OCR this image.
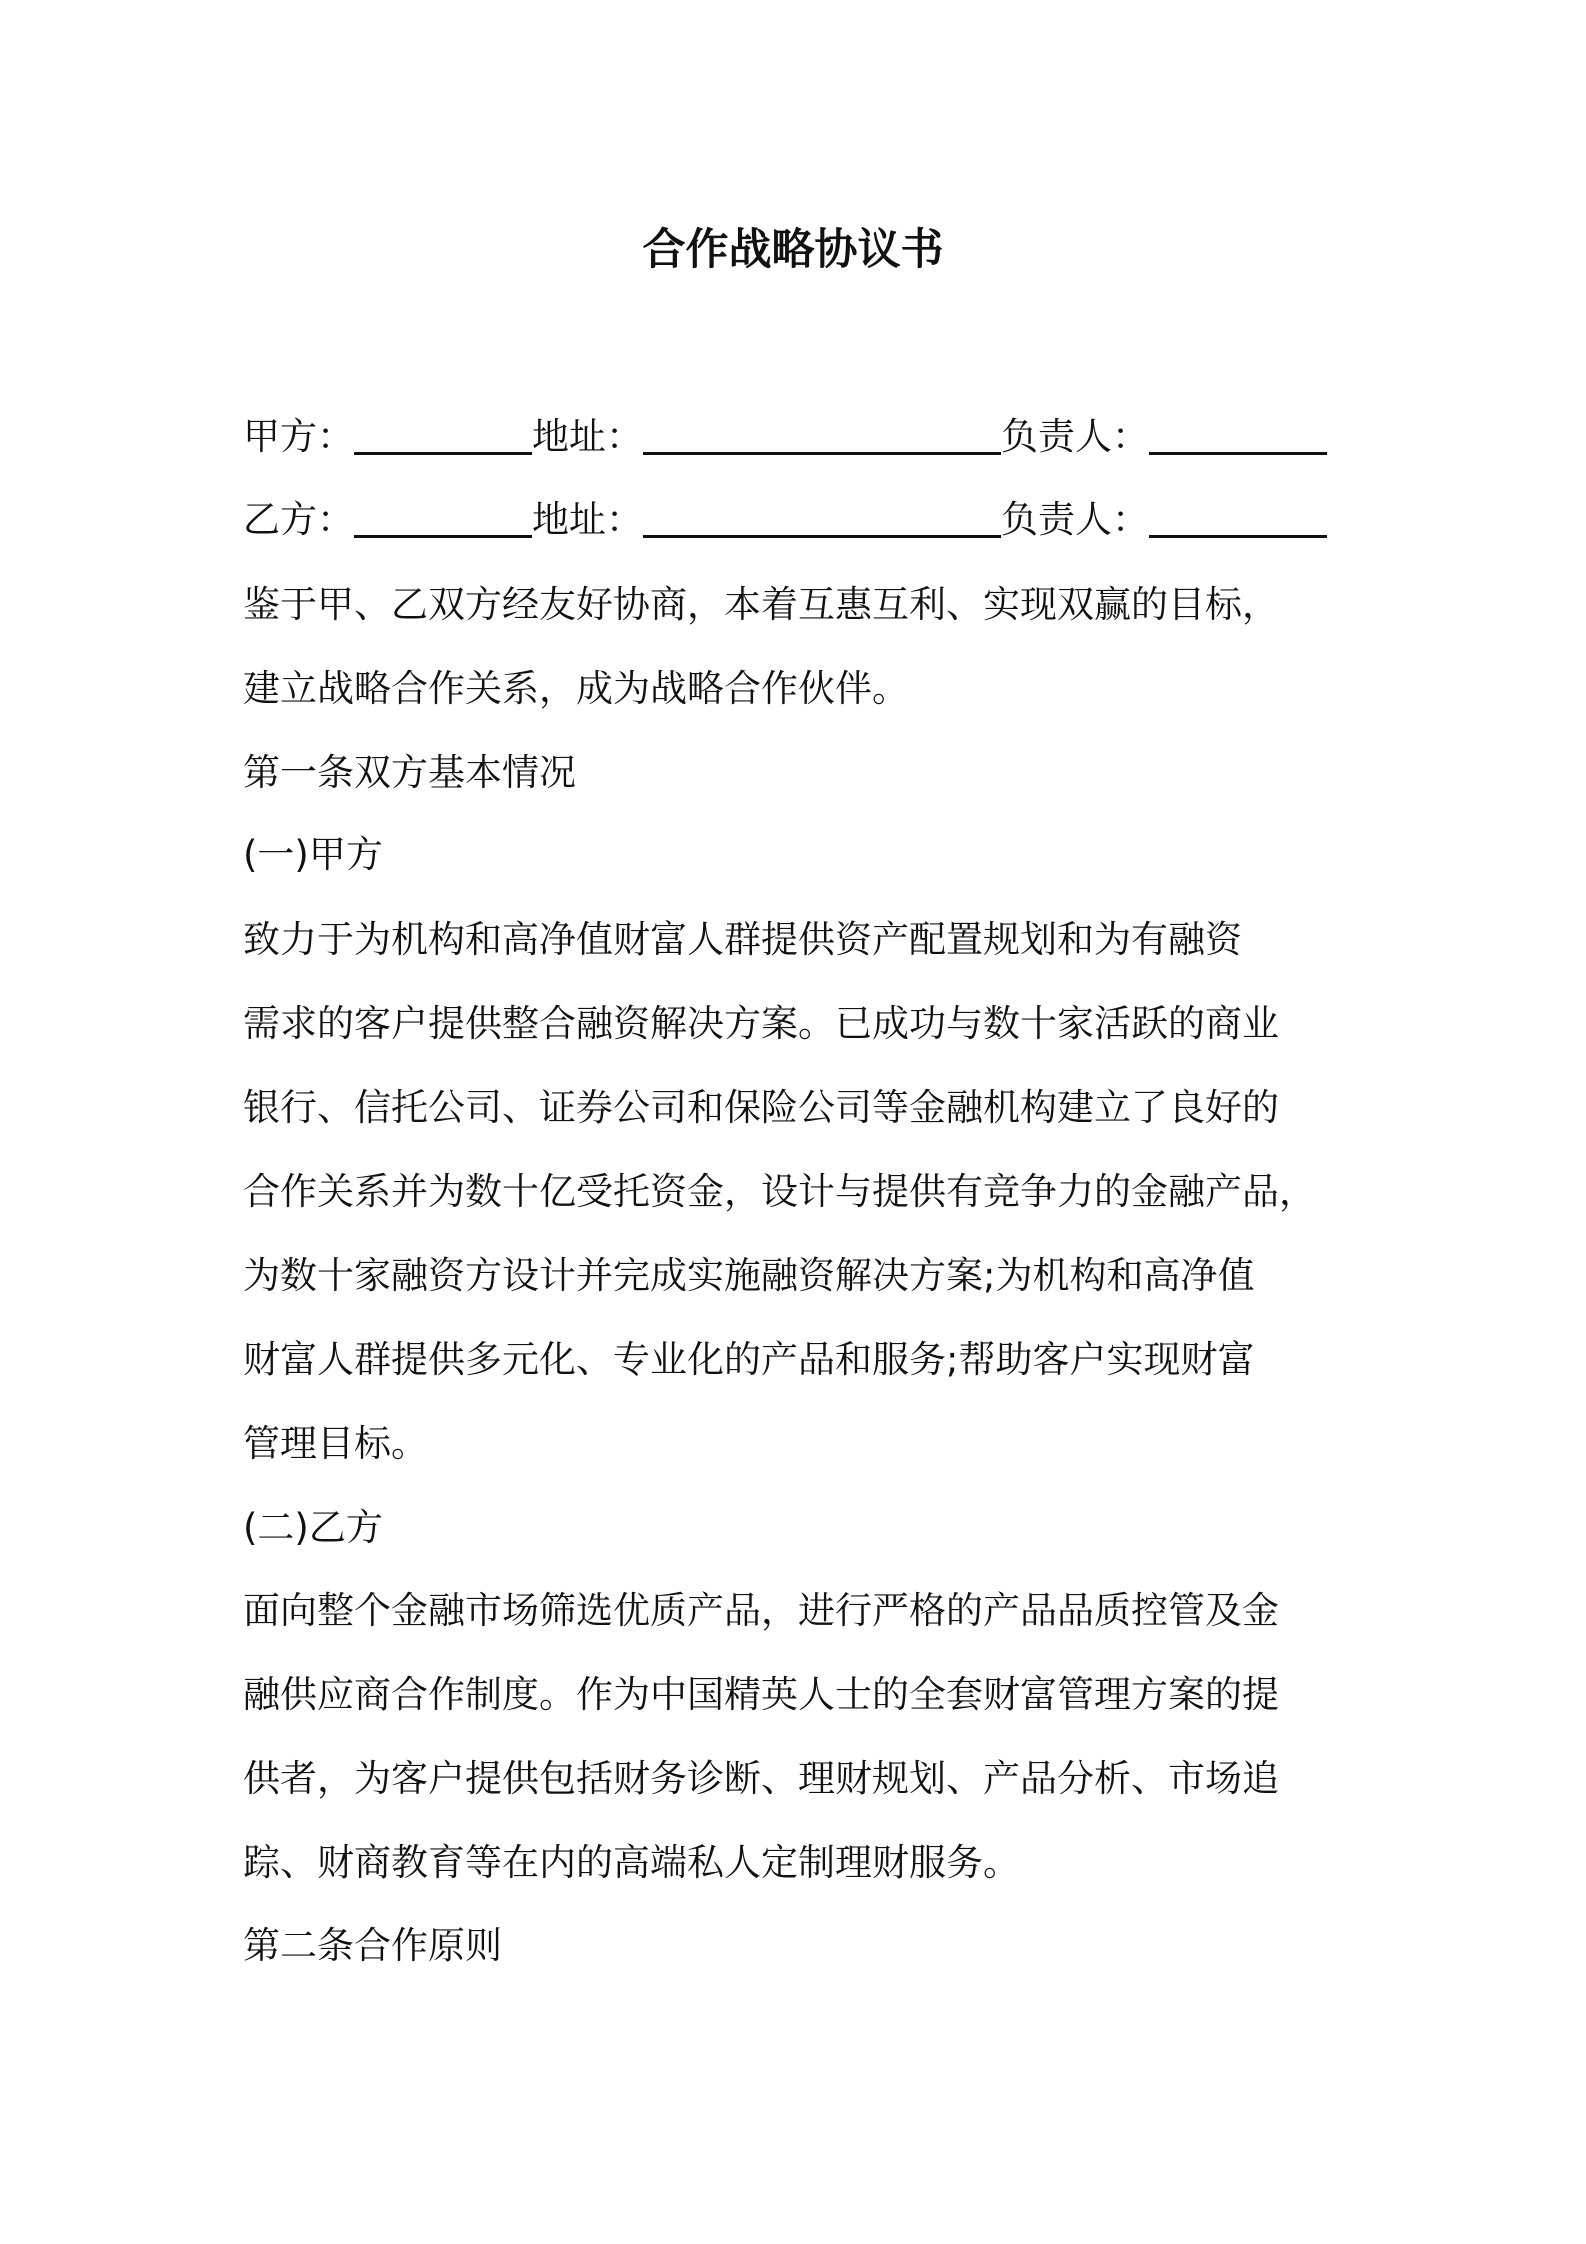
合作战略协议书
甲方：	地址：	负责人：
乙方：	地址：	负责人：

鉴于甲、乙双方经友好协商，本着互惠互利、实现双赢的目标，

建立战略合作关系，成为战略合作伙伴。

第一条双方基本情况

(一)甲方

致力于为机构和高净值财富人群提供资产配置规划和为有融资

需求的客户提供整合融资解决方案。已成功与数十家活跃的商业

银行、信托公司、证券公司和保险公司等金融机构建立了良好的

合作关系并为数十亿受托资金，设计与提供有竞争力的金融产品，

为数十家融资方设计并完成实施融资解决方案;为机构和高净值

财富人群提供多元化、专业化的产品和服务;帮助客户实现财富

管理目标。

(二)乙方

面向整个金融市场筛选优质产品，进行严格的产品品质控管及金

融供应商合作制度。作为中国精英人士的全套财富管理方案的提

供者，为客户提供包括财务诊断、理财规划、产品分析、市场追

踪、财商教育等在内的高端私人定制理财服务。

第二条合作原则
